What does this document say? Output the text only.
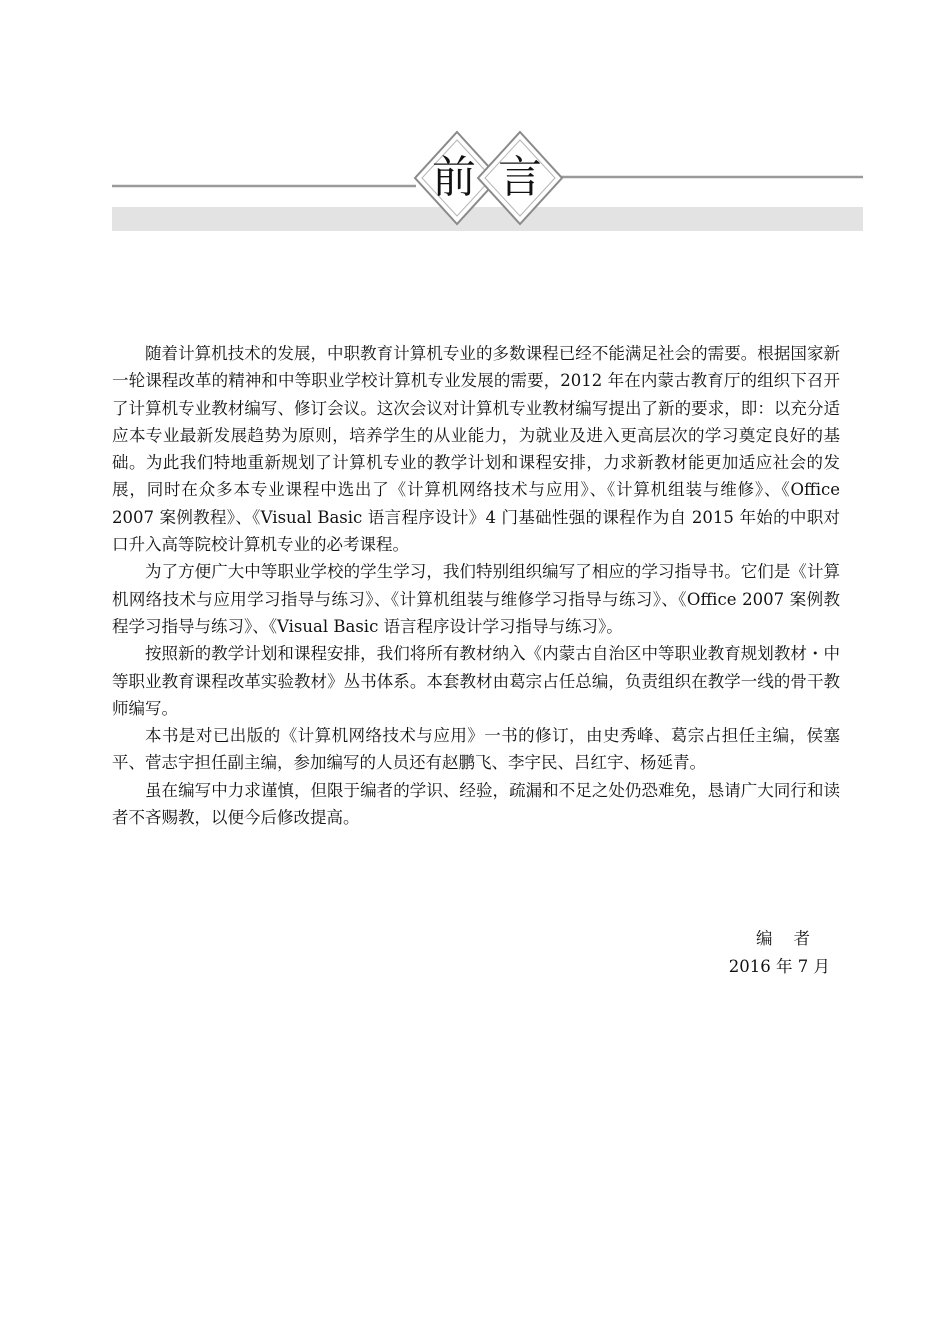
前 言

随着计算机技术的发展，中职教育计算机专业的多数课程已经不能满足社会的需要。根据国家新一轮课程改革的精神和中等职业学校计算机专业发展的需要，2012 年在内蒙古教育厅的组织下召开了计算机专业教材编写、修订会议。这次会议对计算机专业教材编写提出了新的要求，即：以充分适应本专业最新发展趋势为原则，培养学生的从业能力，为就业及进入更高层次的学习奠定良好的基础。为此我们特地重新规划了计算机专业的教学计划和课程安排，力求新教材能更加适应社会的发展，同时在众多本专业课程中选出了《计算机网络技术与应用》、《计算机组装与维修》、《Office 2007 案例教程》、《Visual Basic 语言程序设计》4 门基础性强的课程作为自 2015 年始的中职对口升入高等院校计算机专业的必考课程。

为了方便广大中等职业学校的学生学习，我们特别组织编写了相应的学习指导书。它们是《计算机网络技术与应用学习指导与练习》、《计算机组装与维修学习指导与练习》、《Office 2007 案例教程学习指导与练习》、《Visual Basic 语言程序设计学习指导与练习》。

按照新的教学计划和课程安排，我们将所有教材纳入《内蒙古自治区中等职业教育规划教材・中等职业教育课程改革实验教材》丛书体系。本套教材由葛宗占任总编，负责组织在教学一线的骨干教师编写。

本书是对已出版的《计算机网络技术与应用》一书的修订，由史秀峰、葛宗占担任主编，侯塞平、菅志宇担任副主编，参加编写的人员还有赵鹏飞、李宇民、吕红宇、杨延青。

虽在编写中力求谨慎，但限于编者的学识、经验，疏漏和不足之处仍恐难免，恳请广大同行和读者不吝赐教，以便今后修改提高。

编    者
2016 年 7 月
